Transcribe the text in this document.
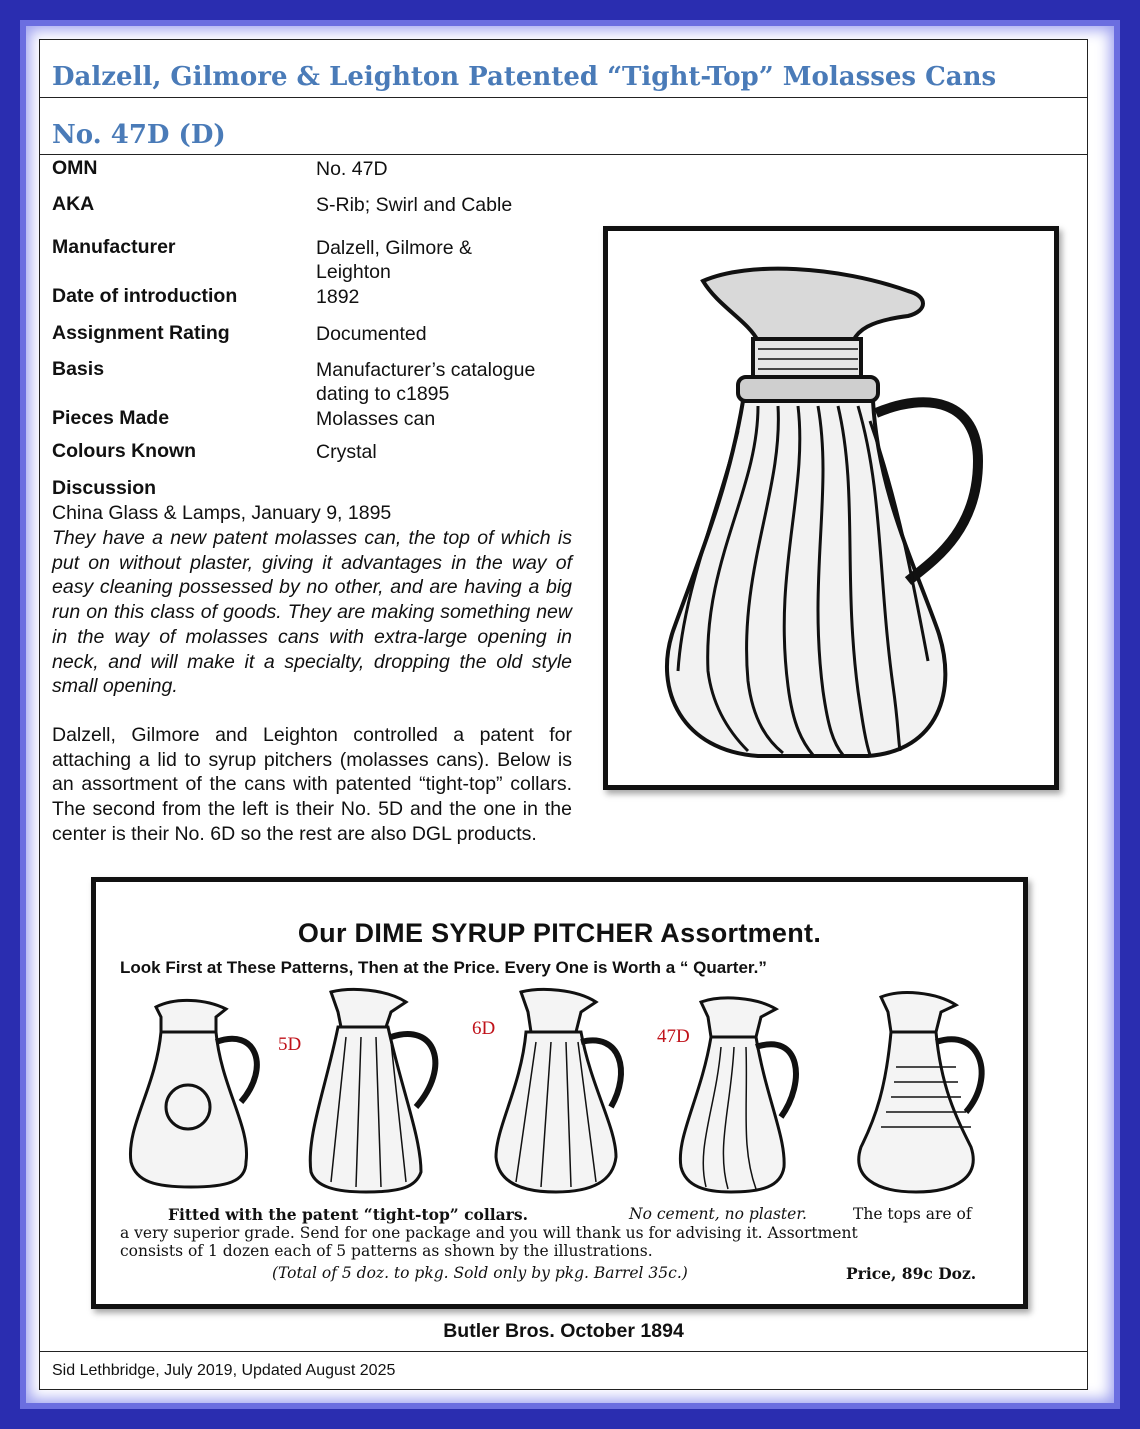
Dalzell, Gilmore & Leighton Patented “Tight-Top” Molasses Cans
No. 47D (D)
OMN	No. 47D
AKA	S-Rib; Swirl and Cable
Manufacturer	Dalzell, Gilmore & Leighton
Date of introduction	1892
Assignment Rating	Documented
Basis	Manufacturer’s catalogue dating to c1895
Pieces Made	Molasses can
Colours Known	Crystal
Discussion
China Glass & Lamps, January 9, 1895
They have a new patent molasses can, the top of which is put on without plaster, giving it advantages in the way of easy cleaning possessed by no other, and are having a big run on this class of goods. They are making something new in the way of molasses cans with extra-large opening in neck, and will make it a specialty, dropping the old style small opening.
Dalzell, Gilmore and Leighton controlled a patent for attaching a lid to syrup pitchers (molasses cans). Below is an assortment of the cans with patented “tight-top” collars. The second from the left is their No. 5D and the one in the center is their No. 6D so the rest are also DGL products.
Our DIME SYRUP PITCHER Assortment.
Look First at These Patterns, Then at the Price. Every One is Worth a “ Quarter.”
5D
6D	47D
Fitted with the patent “tight-top” collars.	No cement, no plaster.	The tops are of
a very superior grade. Send for one package and you will thank us for advising it. Assortment
consists of 1 dozen each of 5 patterns as shown by the illustrations.
(Total of 5 doz. to pkg. Sold only by pkg. Barrel 35c.)	Price, 89c Doz.
Butler Bros. October 1894
Sid Lethbridge, July 2019, Updated August 2025
